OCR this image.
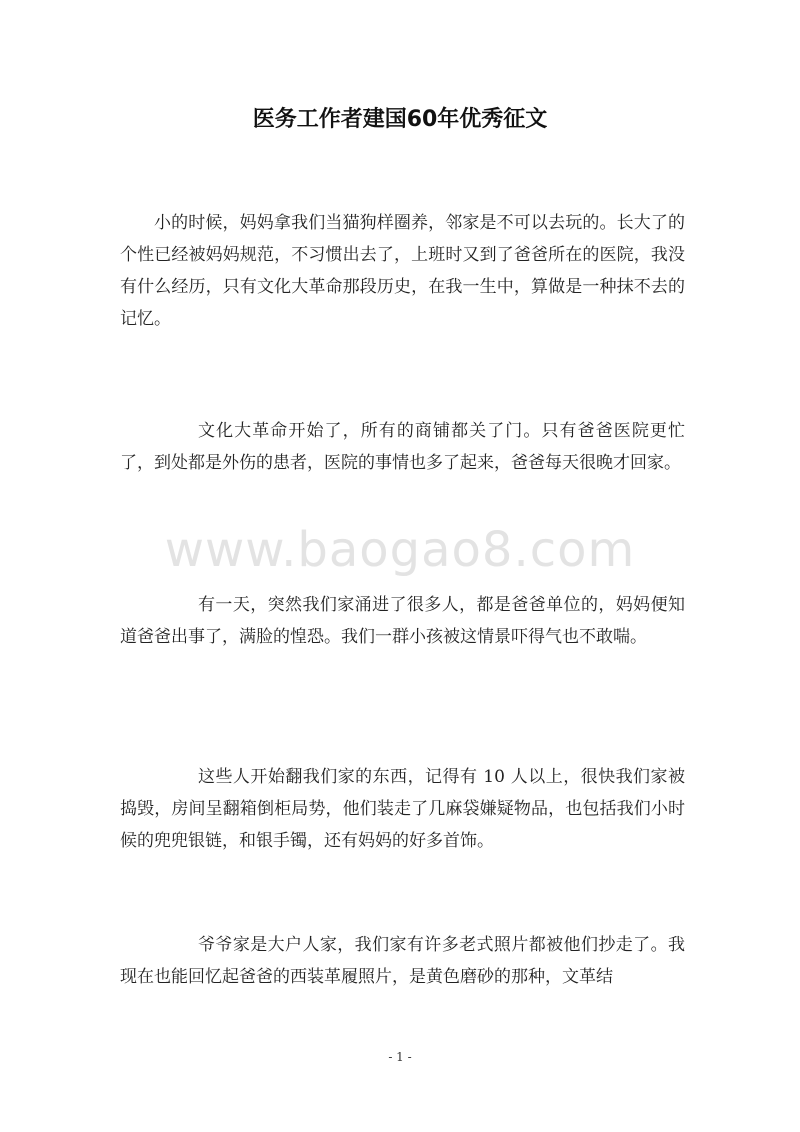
医务工作者建国60年优秀征文

小的时候，妈妈拿我们当猫狗样圈养，邻家是不可以去玩的。长大了的个性已经被妈妈规范，不习惯出去了，上班时又到了爸爸所在的医院，我没有什么经历，只有文化大革命那段历史，在我一生中，算做是一种抹不去的记忆。

文化大革命开始了，所有的商铺都关了门。只有爸爸医院更忙了，到处都是外伤的患者，医院的事情也多了起来，爸爸每天很晚才回家。

www.baogao8.com

有一天，突然我们家涌进了很多人，都是爸爸单位的，妈妈便知道爸爸出事了，满脸的惶恐。我们一群小孩被这情景吓得气也不敢喘。

这些人开始翻我们家的东西，记得有 10 人以上，很快我们家被捣毁，房间呈翻箱倒柜局势，他们装走了几麻袋嫌疑物品，也包括我们小时候的兜兜银链，和银手镯，还有妈妈的好多首饰。

爷爷家是大户人家，我们家有许多老式照片都被他们抄走了。我现在也能回忆起爸爸的西装革履照片，是黄色磨砂的那种，文革结

- 1 -
